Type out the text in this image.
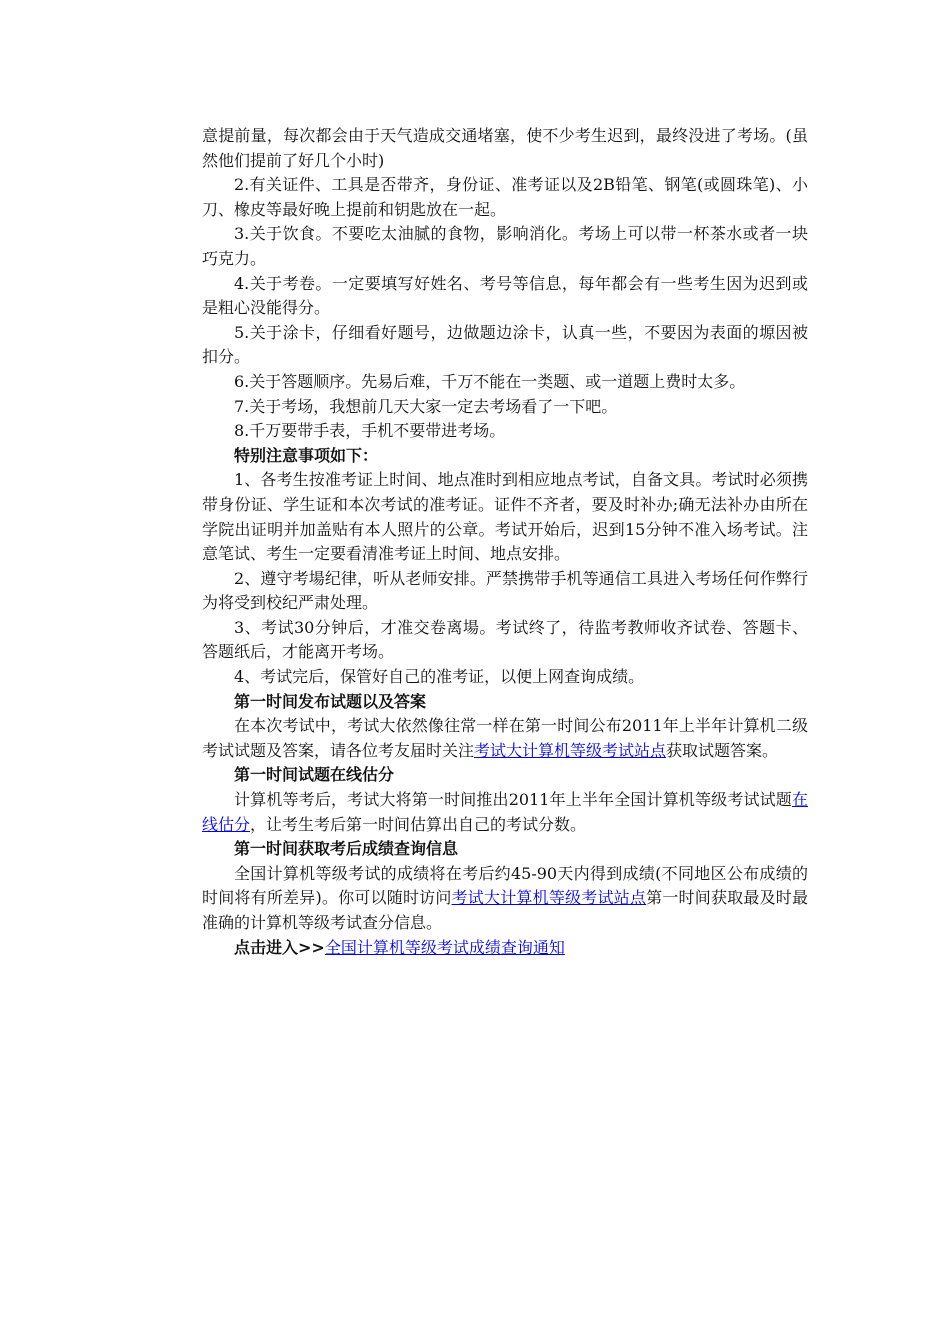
意提前量，每次都会由于天气造成交通堵塞，使不少考生迟到，最终没进了考场。(虽然他们提前了好几个小时)

2.有关证件、工具是否带齐，身份证、准考证以及2B铅笔、钢笔(或圆珠笔)、小刀、橡皮等最好晚上提前和钥匙放在一起。

3.关于饮食。不要吃太油腻的食物，影响消化。考场上可以带一杯茶水或者一块巧克力。

4.关于考卷。一定要填写好姓名、考号等信息，每年都会有一些考生因为迟到或是粗心没能得分。

5.关于涂卡，仔细看好题号，边做题边涂卡，认真一些，不要因为表面的塬因被扣分。

6.关于答题顺序。先易后难，千万不能在一类题、或一道题上费时太多。

7.关于考场，我想前几天大家一定去考场看了一下吧。

8.千万要带手表，手机不要带进考场。

特别注意事项如下：

1、各考生按准考证上时间、地点准时到相应地点考试，自备文具。考试时必须携带身份证、学生证和本次考试的准考证。证件不齐者，要及时补办;确无法补办由所在学院出证明并加盖贴有本人照片的公章。考试开始后，迟到15分钟不准入场考试。注意笔试、考生一定要看清准考证上时间、地点安排。

2、遵守考場纪律，听从老师安排。严禁携带手机等通信工具进入考场任何作弊行为将受到校纪严肃处理。

3、考试30分钟后，才准交卷离場。考试终了，待监考教师收齐试卷、答题卡、答题纸后，才能离开考场。

4、考试完后，保管好自己的准考证，以便上网查询成绩。

第一时间发布试题以及答案

在本次考试中，考试大依然像往常一样在第一时间公布2011年上半年计算机二级考试试题及答案，请各位考友届时关注考试大计算机等级考试站点获取试题答案。

第一时间试题在线估分

计算机等考后，考试大将第一时间推出2011年上半年全国计算机等级考试试题在线估分，让考生考后第一时间估算出自己的考试分数。

第一时间获取考后成绩查询信息

全国计算机等级考试的成绩将在考后约45-90天内得到成绩(不同地区公布成绩的时间将有所差异)。你可以随时访问考试大计算机等级考试站点第一时间获取最及时最准确的计算机等级考试查分信息。

点击进入>>全国计算机等级考试成绩查询通知
